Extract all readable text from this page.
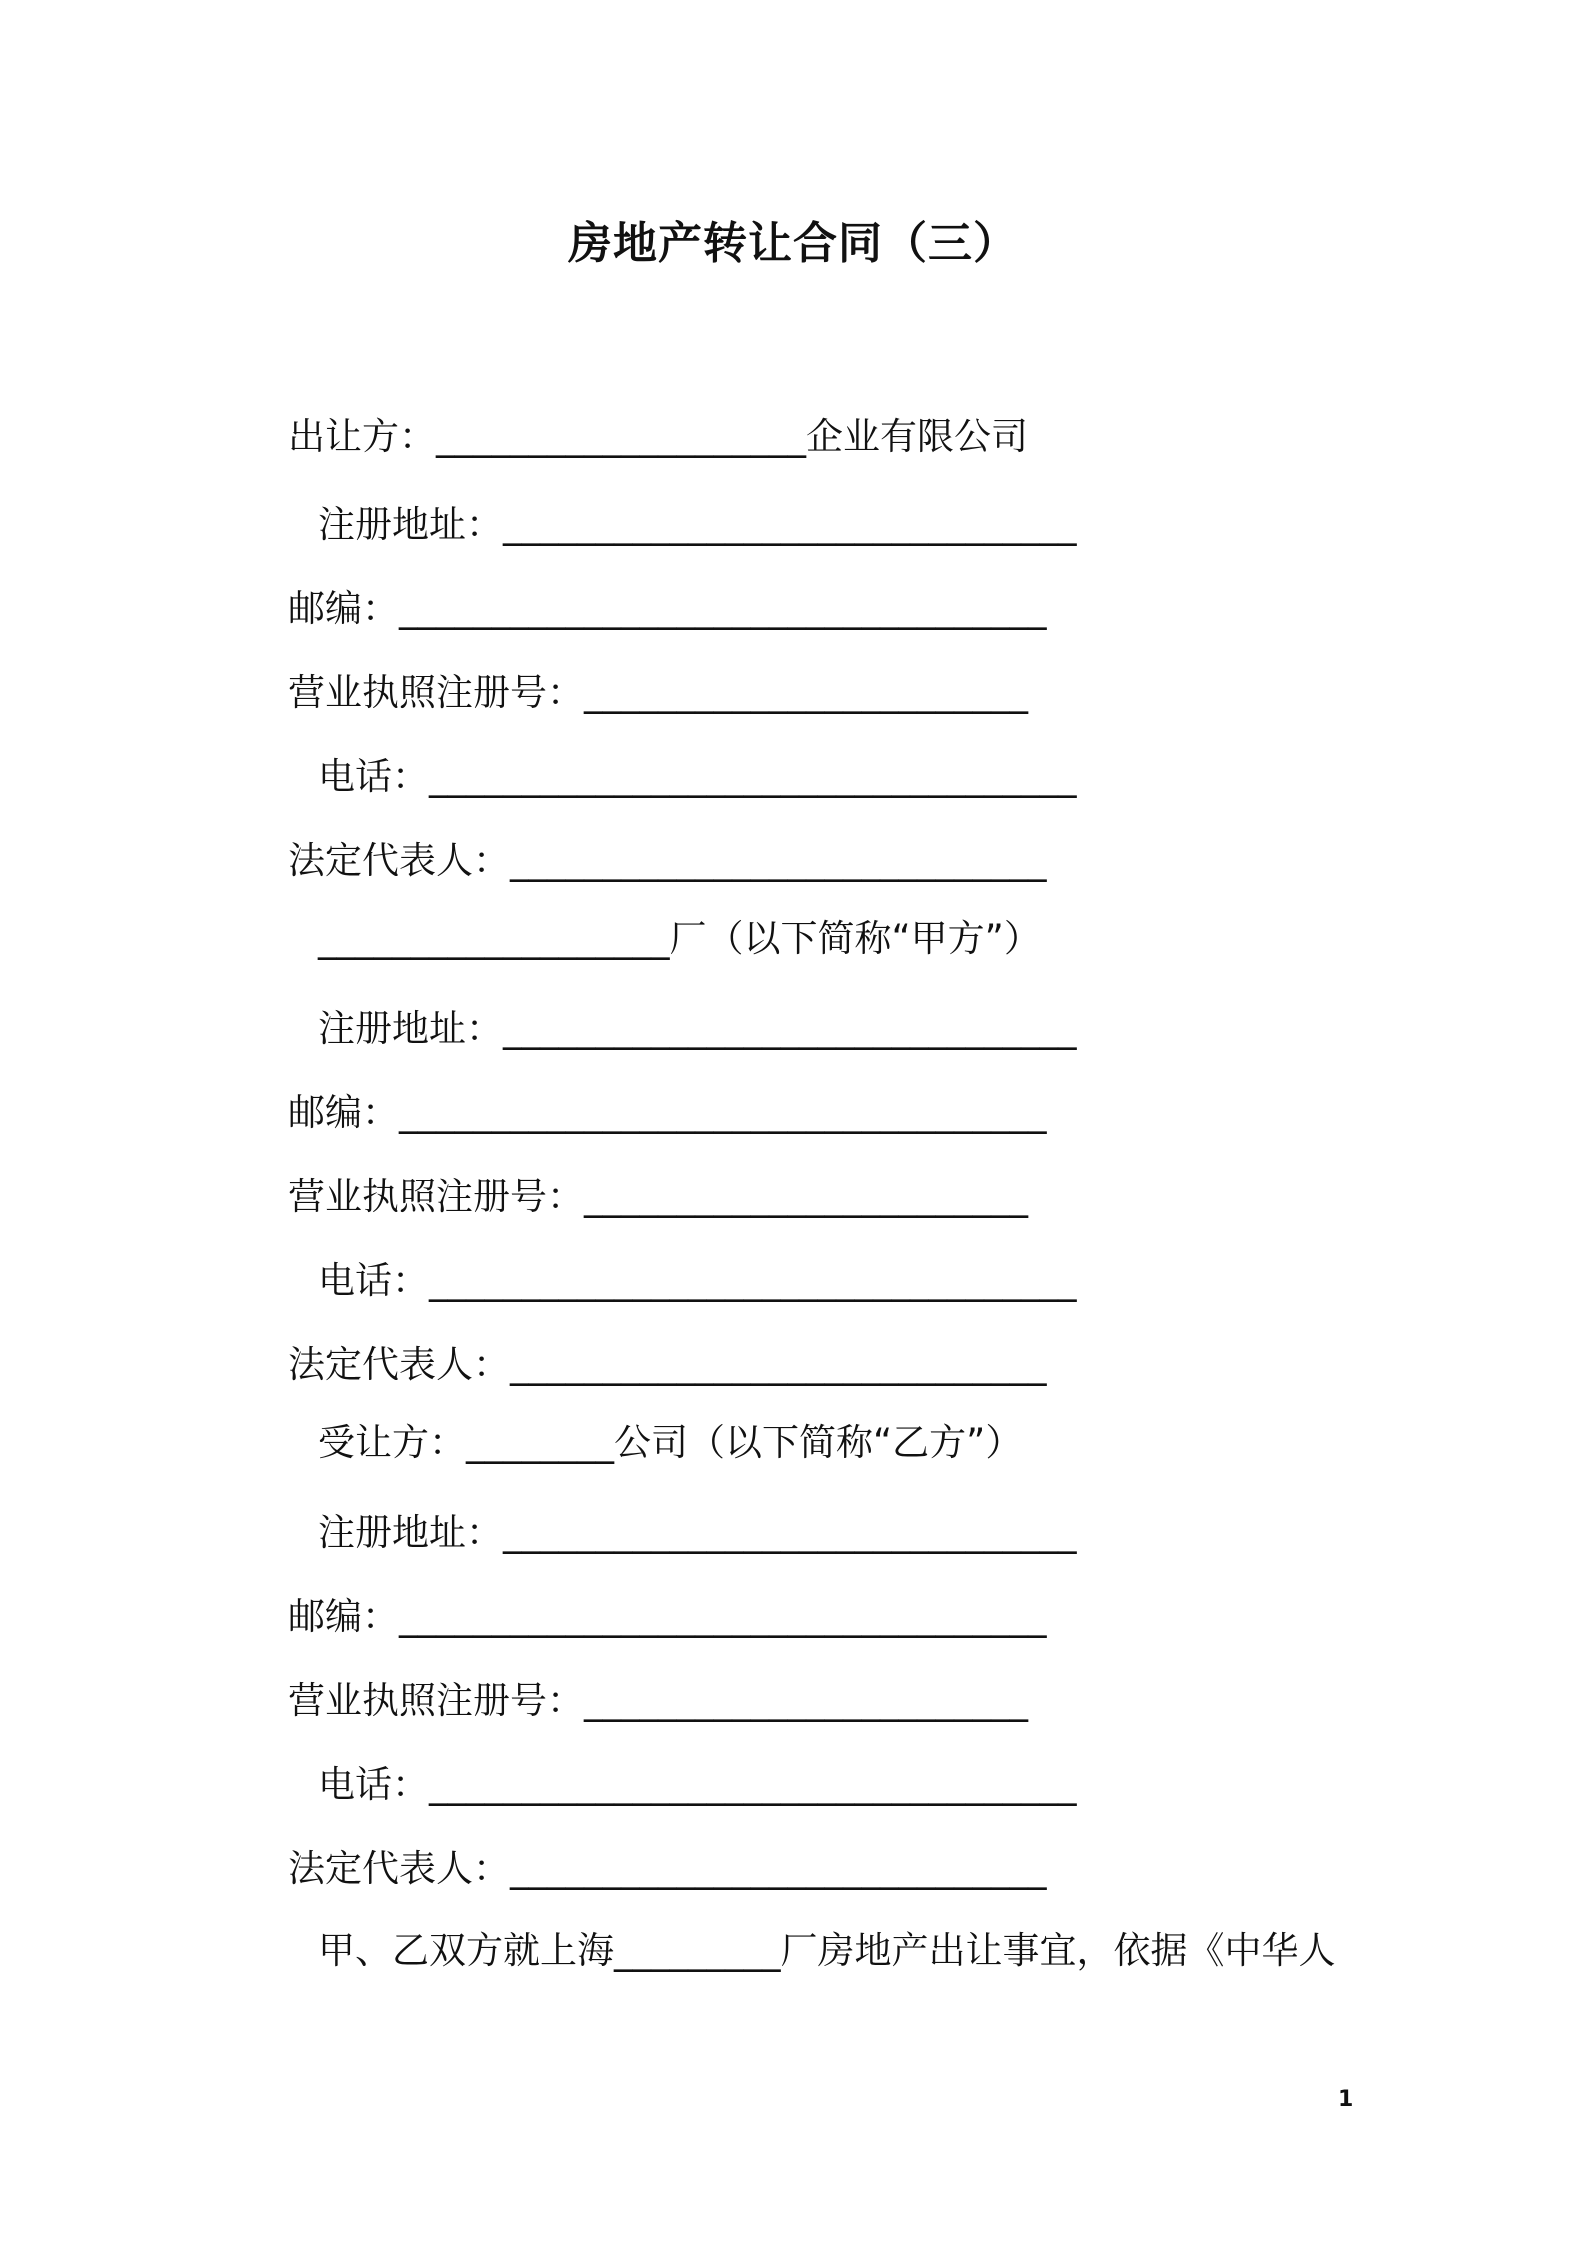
房地产转让合同（三）
出让方：____________________企业有限公司
注册地址：_______________________________
邮编：___________________________________
营业执照注册号：________________________
电话：___________________________________
法定代表人：_____________________________
___________________厂（以下简称“甲方”）
注册地址：_______________________________
邮编：___________________________________
营业执照注册号：________________________
电话：___________________________________
法定代表人：_____________________________
受让方：________公司（以下简称“乙方”）
注册地址：_______________________________
邮编：___________________________________
营业执照注册号：________________________
电话：___________________________________
法定代表人：_____________________________
甲、乙双方就上海_________厂房地产出让事宜，依据《中华人
1
